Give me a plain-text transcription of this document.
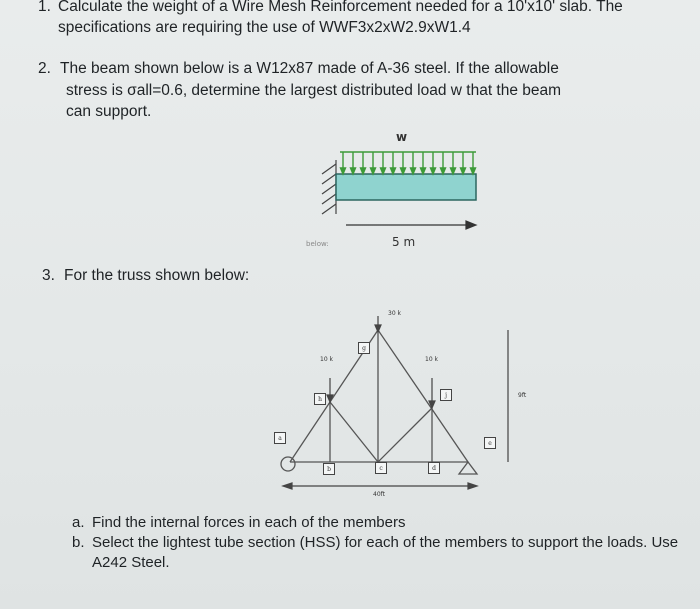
1. Calculate the weight of a Wire Mesh Reinforcement needed for a 10'x10' slab. The
specifications are requiring the use of WWF3x2xW2.9xW1.4
2. The beam shown below is a W12x87 made of A-36 steel. If the allowable
stress is σall=0.6, determine the largest distributed load w that the beam
can support.
w
5 m
below:
3. For the truss shown below:
a
h
g
j
e
b	c	d
30 k
10 k	10 k
9ft
40ft
a. Find the internal forces in each of the members
b. Select the lightest tube section (HSS) for each of the members to support the loads. Use
A242 Steel.
